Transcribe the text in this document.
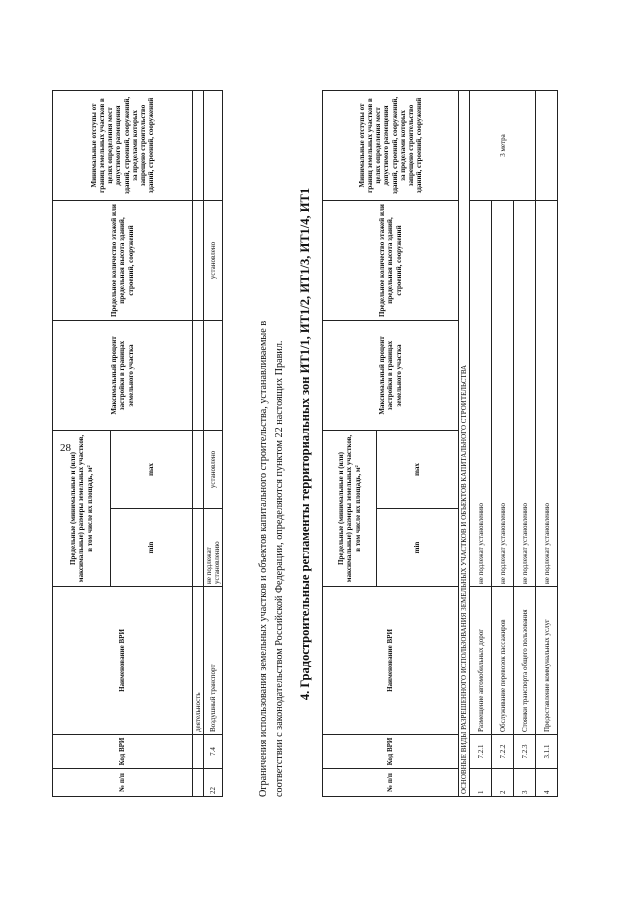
28
№ п/п	Код ВРИ	Наименование ВРИ	Предельные (минимальные и (или) максимальные) размеры земельных участков, в том числе их площадь, м²		Максимальный процент застройки в границах земельного участка	Предельное количество этажей или предельная высота зданий, строений, сооружений	Минимальные отступы от границ земельных участков в целях определения мест допустимого размещения зданий, строений, сооружений, за пределами которых запрещено строительство зданий, строений, сооружений
			min	max			
		деятельность					
22	7.4	Воздушный транспорт	не подлежат установлению	установлено		установлено	
Ограничения использования земельных участков и объектов капитального строительства, устанавливаемые в соответствии с законодательством Российской Федерации, определяются пунктом 22 настоящих Правил. 4. Градостроительные регламенты территориальных зон ИТ1/1, ИТ1/2, ИТ1/3, ИТ1/4, ИТ1
№ п/п	Код ВРИ	Наименование ВРИ	Предельные (минимальные и (или) максимальные) размеры земельных участков, в том числе их площадь, м²		Максимальный процент застройки в границах земельного участка	Предельное количество этажей или предельная высота зданий, строений, сооружений	Минимальные отступы от границ земельных участков в целях определения мест допустимого размещения зданий, строений, сооружений, за пределами которых запрещено строительство зданий, строений, сооружений
			min	max			
ОСНОВНЫЕ ВИДЫ РАЗРЕШЕННОГО ИСПОЛЬЗОВАНИЯ ЗЕМЕЛЬНЫХ УЧАСТКОВ И ОБЪЕКТОВ КАПИТАЛЬНОГО СТРОИТЕЛЬСТВА							
1	7.2.1	Размещение автомобильных дорог	не подлежат установлению				3 метра
2	7.2.2	Обслуживание перевозок пассажиров	не подлежат установлению				
3	7.2.3	Стоянки транспорта общего пользования	не подлежат установлению				
4	3.1.1	Предоставление коммунальных услуг	не подлежат установлению				
